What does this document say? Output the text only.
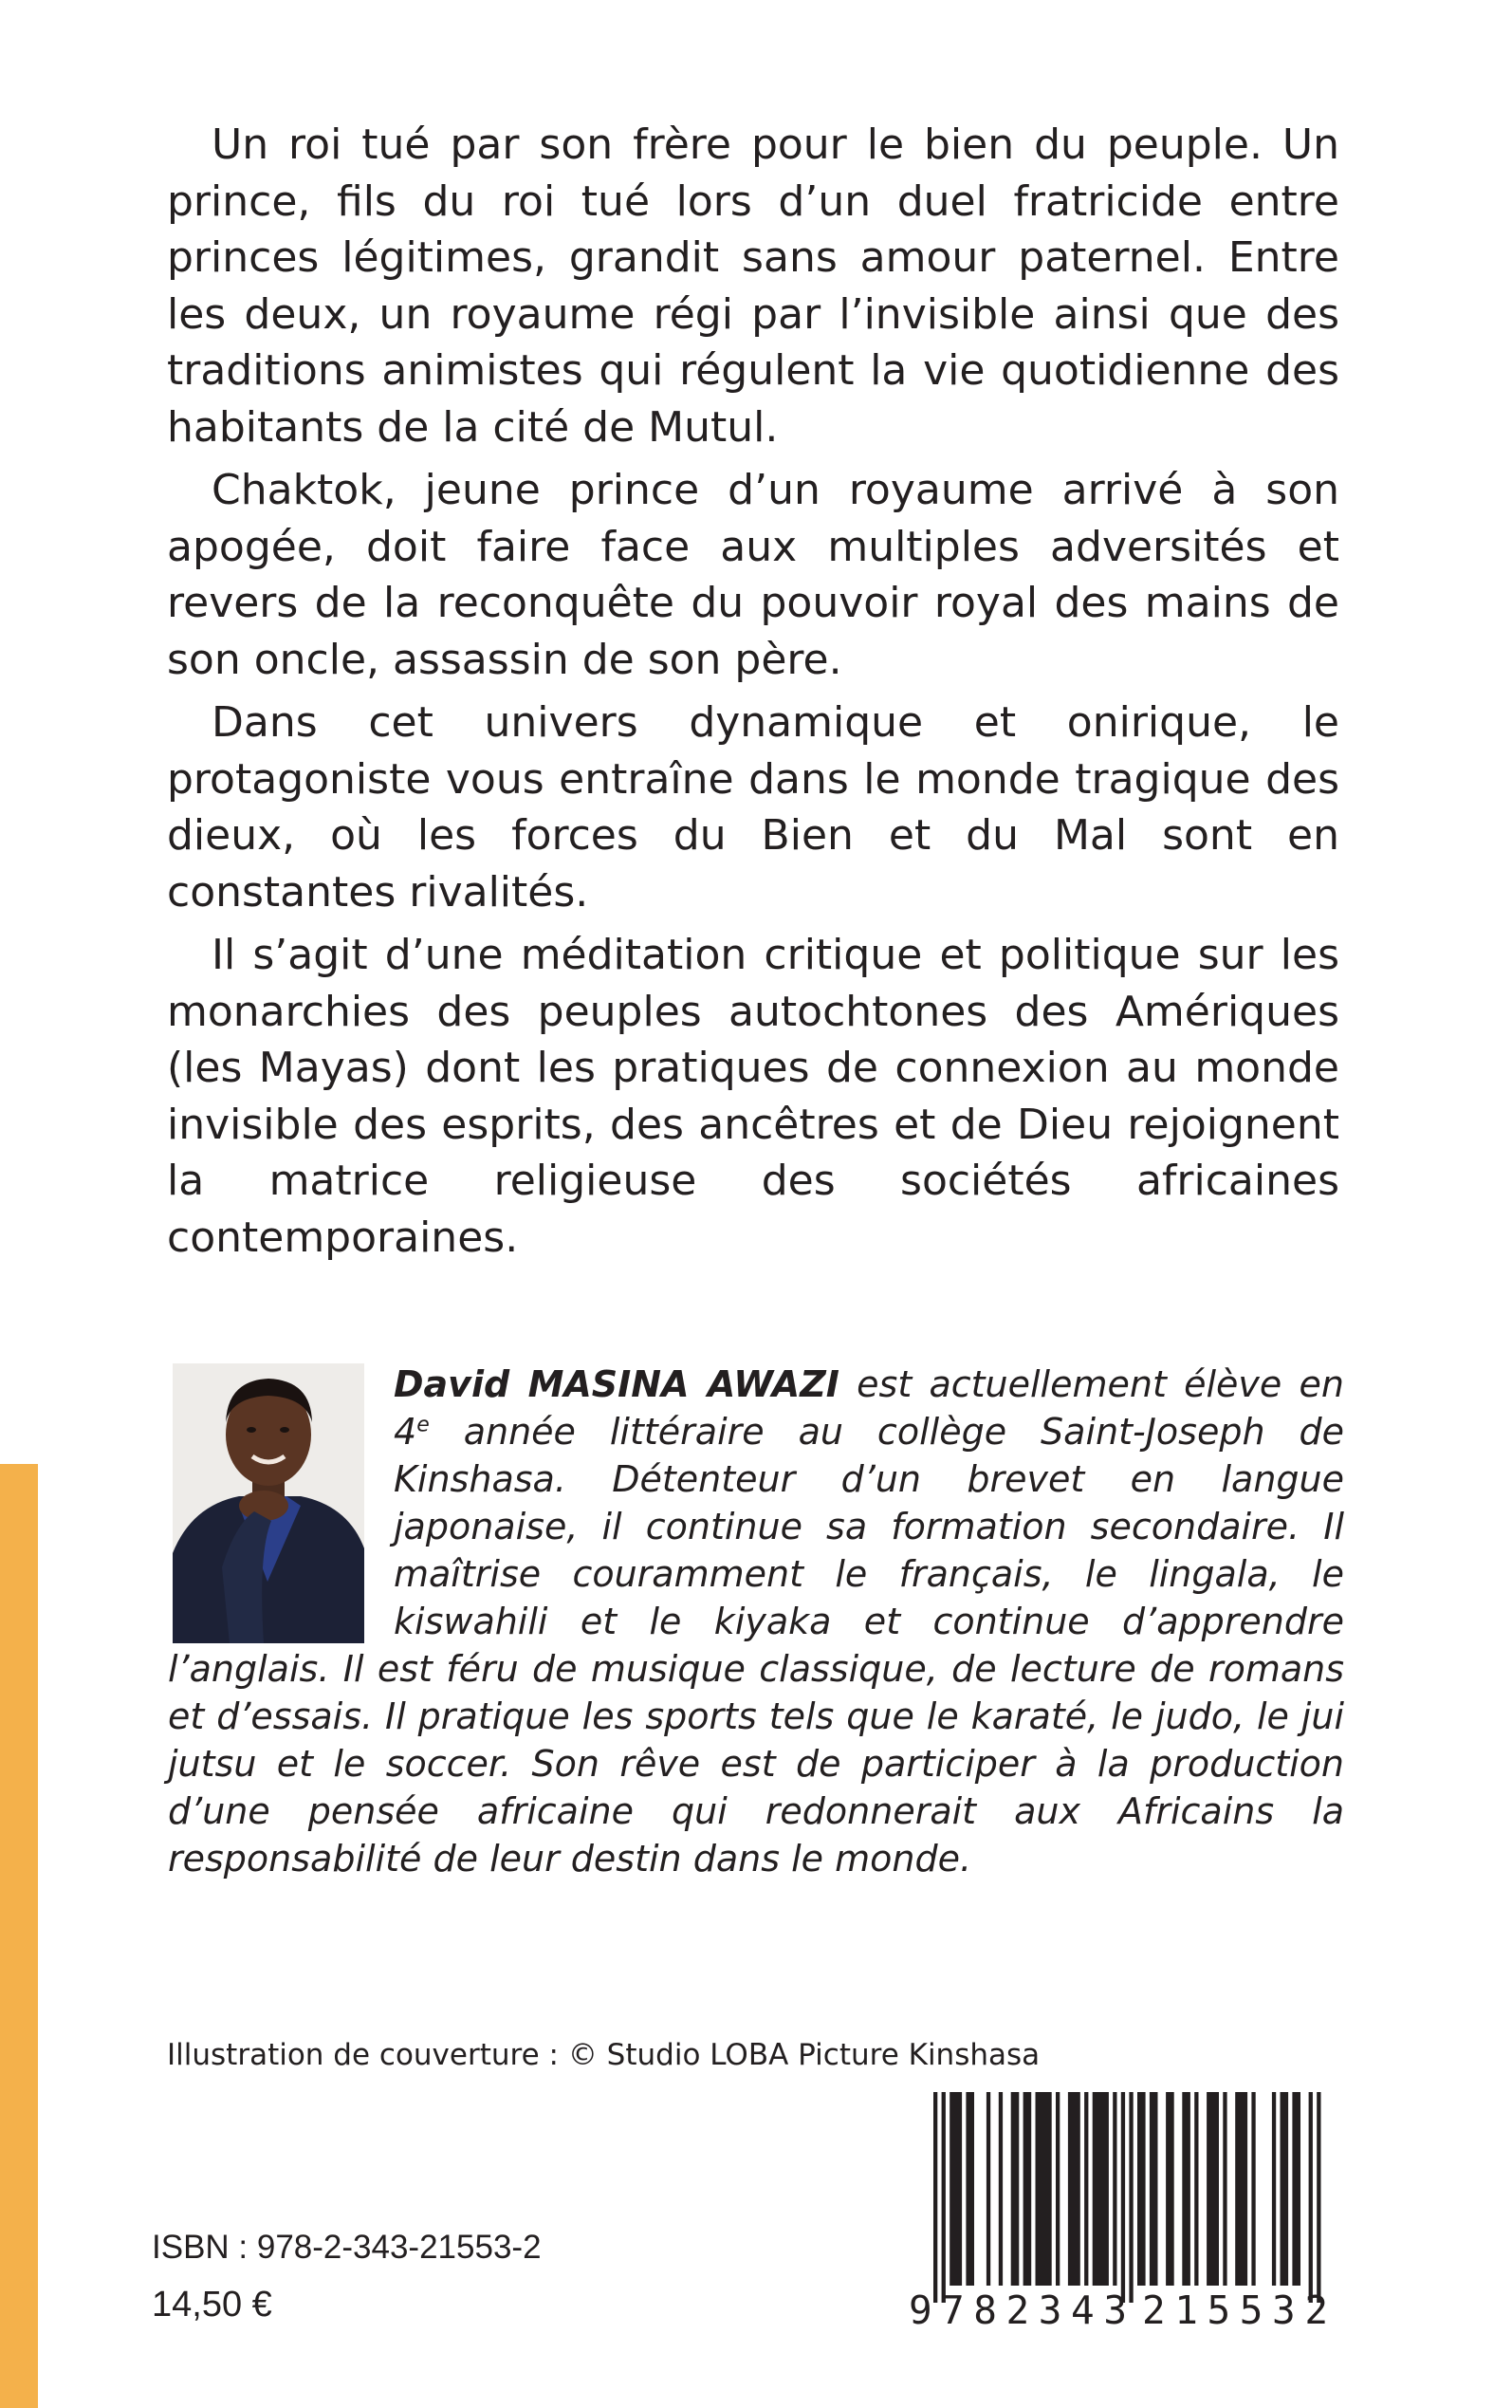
Un roi tué par son frère pour le bien du peuple. Un prince, fils du roi tué lors d’un duel fratricide entre princes légitimes, grandit sans amour paternel. Entre les deux, un royaume régi par l’invisible ainsi que des traditions animistes qui régulent la vie quotidienne des habitants de la cité de Mutul.

Chaktok, jeune prince d’un royaume arrivé à son apogée, doit faire face aux multiples adversités et revers de la reconquête du pouvoir royal des mains de son oncle, assassin de son père.

Dans cet univers dynamique et onirique, le protagoniste vous entraîne dans le monde tragique des dieux, où les forces du Bien et du Mal sont en constantes rivalités.

Il s’agit d’une méditation critique et politique sur les monarchies des peuples autochtones des Amériques (les Mayas) dont les pratiques de connexion au monde invisible des esprits, des ancêtres et de Dieu rejoignent la matrice religieuse des sociétés africaines contemporaines.

David MASINA AWAZI est actuellement élève en 4e année littéraire au collège Saint-Joseph de Kinshasa. Détenteur d’un brevet en langue japonaise, il continue sa formation secondaire. Il maîtrise couramment le français, le lingala, le kiswahili et le kiyaka et continue d’apprendre l’anglais. Il est féru de musique classique, de lecture de romans et d’essais. Il pratique les sports tels que le karaté, le judo, le jui jutsu et le soccer. Son rêve est de participer à la production d’une pensée africaine qui redonnerait aux Africains la responsabilité de leur destin dans le monde.
Illustration de couverture : © Studio LOBA Picture Kinshasa
9 782343 215532
ISBN : 978-2-343-21553-2
14,50 €
